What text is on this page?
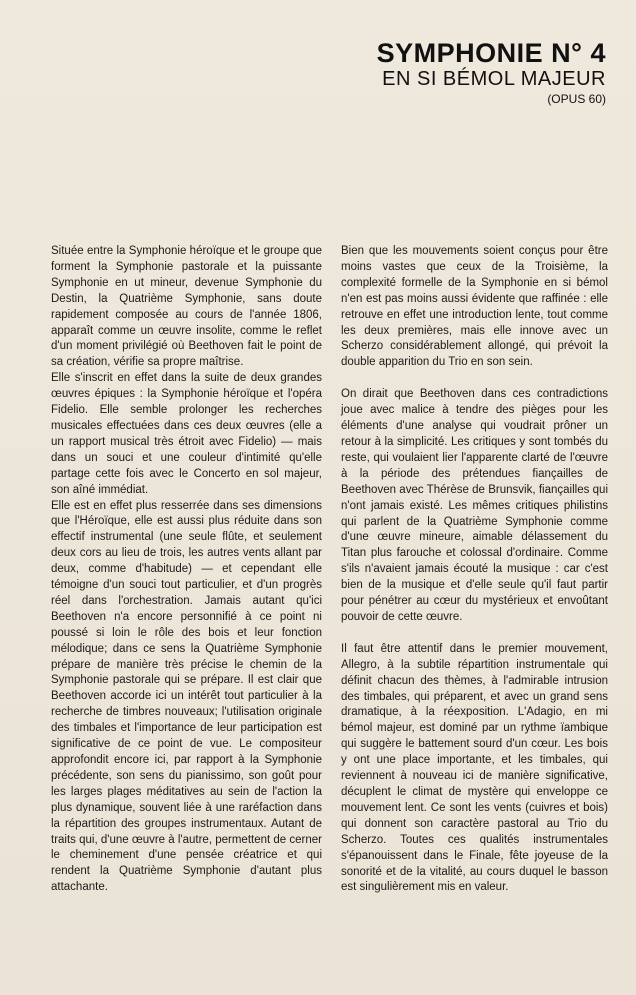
SYMPHONIE N° 4
EN SI BÉMOL MAJEUR
(OPUS 60)

Située entre la Symphonie héroïque et le groupe que forment la Symphonie pastorale et la puissante Symphonie en ut mineur, devenue Symphonie du Destin, la Quatrième Symphonie, sans doute rapidement composée au cours de l'année 1806, apparaît comme un œuvre insolite, comme le reflet d'un moment privilégié où Beethoven fait le point de sa création, vérifie sa propre maîtrise.

Elle s'inscrit en effet dans la suite de deux grandes œuvres épiques : la Symphonie héroïque et l'opéra Fidelio. Elle semble prolonger les recherches musicales effectuées dans ces deux œuvres (elle a un rapport musical très étroit avec Fidelio) — mais dans un souci et une couleur d'intimité qu'elle partage cette fois avec le Concerto en sol majeur, son aîné immédiat.

Elle est en effet plus resserrée dans ses dimensions que l'Héroïque, elle est aussi plus réduite dans son effectif instrumental (une seule flûte, et seulement deux cors au lieu de trois, les autres vents allant par deux, comme d'habitude) — et cependant elle témoigne d'un souci tout particulier, et d'un progrès réel dans l'orchestration. Jamais autant qu'ici Beethoven n'a encore personnifié à ce point ni poussé si loin le rôle des bois et leur fonction mélodique; dans ce sens la Quatrième Symphonie prépare de manière très précise le chemin de la Symphonie pastorale qui se prépare. Il est clair que Beethoven accorde ici un intérêt tout particulier à la recherche de timbres nouveaux; l'utilisation originale des timbales et l'importance de leur participation est significative de ce point de vue. Le compositeur approfondit encore ici, par rapport à la Symphonie précédente, son sens du pianissimo, son goût pour les larges plages méditatives au sein de l'action la plus dynamique, souvent liée à une raréfaction dans la répartition des groupes instrumentaux. Autant de traits qui, d'une œuvre à l'autre, permettent de cerner le cheminement d'une pensée créatrice et qui rendent la Quatrième Symphonie d'autant plus attachante.

Bien que les mouvements soient conçus pour être moins vastes que ceux de la Troisième, la complexité formelle de la Symphonie en si bémol n'en est pas moins aussi évidente que raffinée : elle retrouve en effet une introduction lente, tout comme les deux premières, mais elle innove avec un Scherzo considérablement allongé, qui prévoit la double apparition du Trio en son sein.

On dirait que Beethoven dans ces contradictions joue avec malice à tendre des pièges pour les éléments d'une analyse qui voudrait prôner un retour à la simplicité. Les critiques y sont tombés du reste, qui voulaient lier l'apparente clarté de l'œuvre à la période des prétendues fiançailles de Beethoven avec Thérèse de Brunsvik, fiançailles qui n'ont jamais existé. Les mêmes critiques philistins qui parlent de la Quatrième Symphonie comme d'une œuvre mineure, aimable délassement du Titan plus farouche et colossal d'ordinaire. Comme s'ils n'avaient jamais écouté la musique : car c'est bien de la musique et d'elle seule qu'il faut partir pour pénétrer au cœur du mystérieux et envoûtant pouvoir de cette œuvre.

Il faut être attentif dans le premier mouvement, Allegro, à la subtile répartition instrumentale qui définit chacun des thèmes, à l'admirable intrusion des timbales, qui préparent, et avec un grand sens dramatique, à la réexposition. L'Adagio, en mi bémol majeur, est dominé par un rythme ïambique qui suggère le battement sourd d'un cœur. Les bois y ont une place importante, et les timbales, qui reviennent à nouveau ici de manière significative, décuplent le climat de mystère qui enveloppe ce mouvement lent. Ce sont les vents (cuivres et bois) qui donnent son caractère pastoral au Trio du Scherzo. Toutes ces qualités instrumentales s'épanouissent dans le Finale, fête joyeuse de la sonorité et de la vitalité, au cours duquel le basson est singulièrement mis en valeur.
